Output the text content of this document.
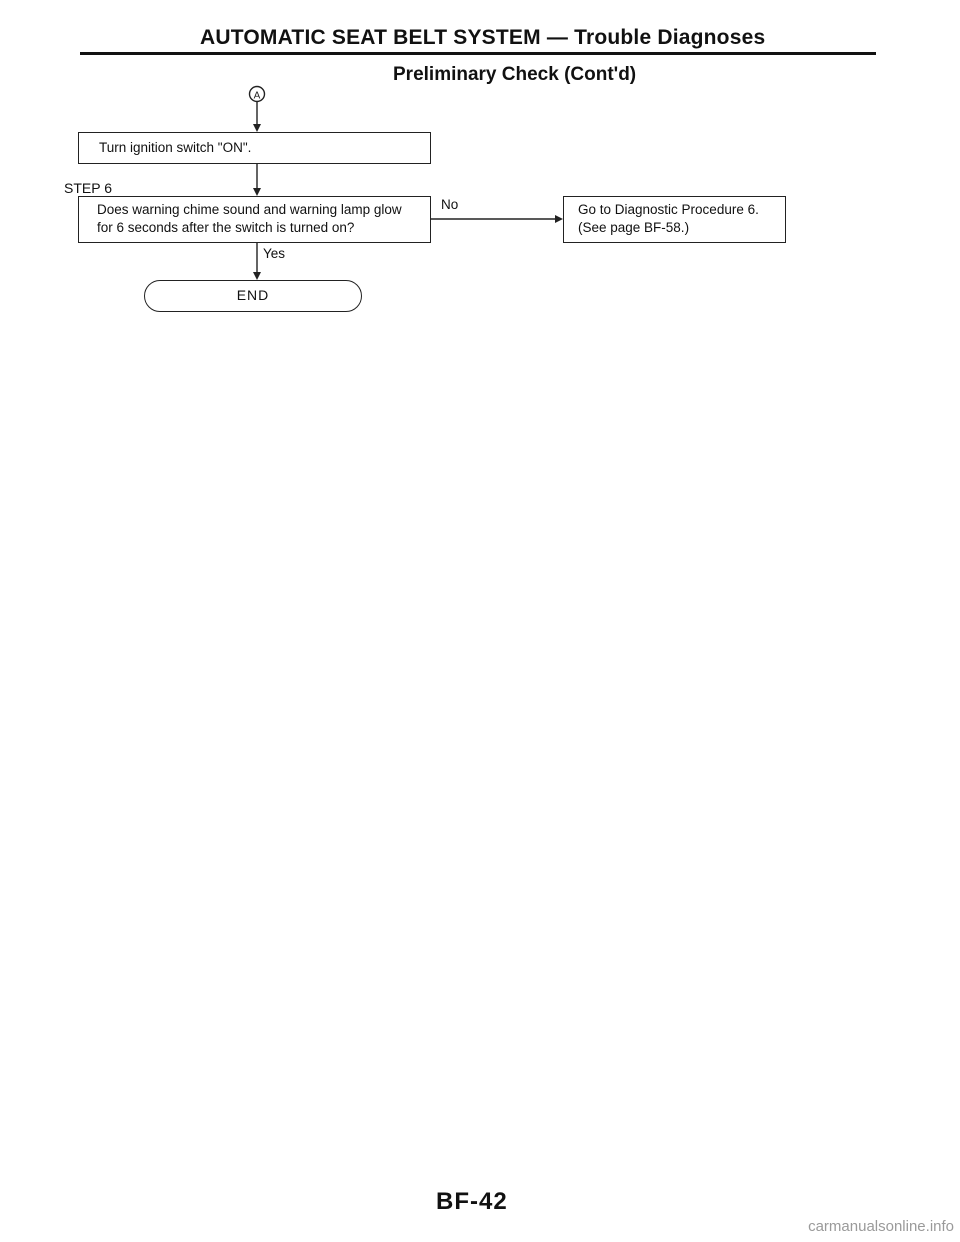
AUTOMATIC SEAT BELT SYSTEM — Trouble Diagnoses
Preliminary Check (Cont'd)
A
Turn ignition switch "ON".
STEP 6
Does warning chime sound and warning lamp glow
for 6 seconds after the switch is turned on?
No
Yes
Go to Diagnostic Procedure 6.
(See page BF-58.)
END
BF-42
carmanualsonline.info
